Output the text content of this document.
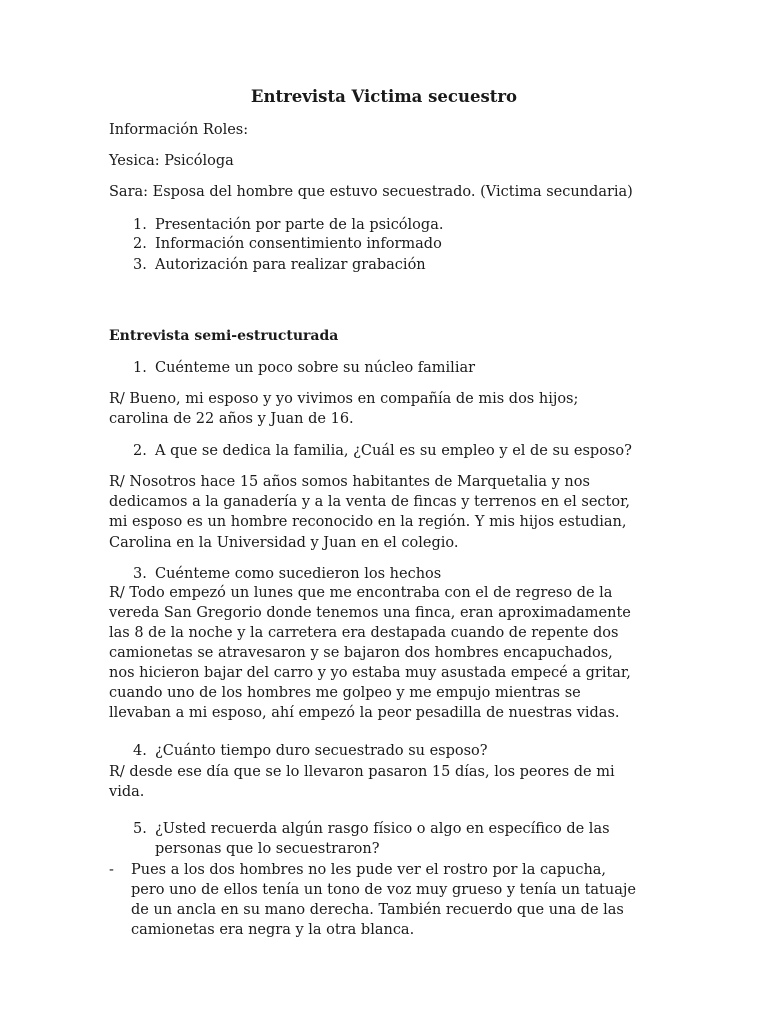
Entrevista Victima secuestro
Información Roles:
Yesica: Psicóloga
Sara: Esposa del hombre que estuvo secuestrado. (Victima secundaria)
1. Presentación por parte de la psicóloga.
2. Información consentimiento informado
3. Autorización para realizar grabación
Entrevista semi-estructurada
1. Cuénteme un poco sobre su núcleo familiar
R/ Bueno, mi esposo y yo vivimos en compañía de mis dos hijos;
carolina de 22 años y Juan de 16.
2. A que se dedica la familia, ¿Cuál es su empleo y el de su esposo?
R/ Nosotros hace 15 años somos habitantes de Marquetalia y nos
dedicamos a la ganadería y a la venta de fincas y terrenos en el sector,
mi esposo es un hombre reconocido en la región. Y mis hijos estudian,
Carolina en la Universidad y Juan en el colegio.
3. Cuénteme como sucedieron los hechos
R/ Todo empezó un lunes que me encontraba con el de regreso de la
vereda San Gregorio donde tenemos una finca, eran aproximadamente
las 8 de la noche y la carretera era destapada cuando de repente dos
camionetas se atravesaron y se bajaron dos hombres encapuchados,
nos hicieron bajar del carro y yo estaba muy asustada empecé a gritar,
cuando uno de los hombres me golpeo y me empujo mientras se
llevaban a mi esposo, ahí empezó la peor pesadilla de nuestras vidas.
4. ¿Cuánto tiempo duro secuestrado su esposo?
R/ desde ese día que se lo llevaron pasaron 15 días, los peores de mi
vida.
5. ¿Usted recuerda algún rasgo físico o algo en específico de las
personas que lo secuestraron?
- Pues a los dos hombres no les pude ver el rostro por la capucha,
pero uno de ellos tenía un tono de voz muy grueso y tenía un tatuaje
de un ancla en su mano derecha. También recuerdo que una de las
camionetas era negra y la otra blanca.
